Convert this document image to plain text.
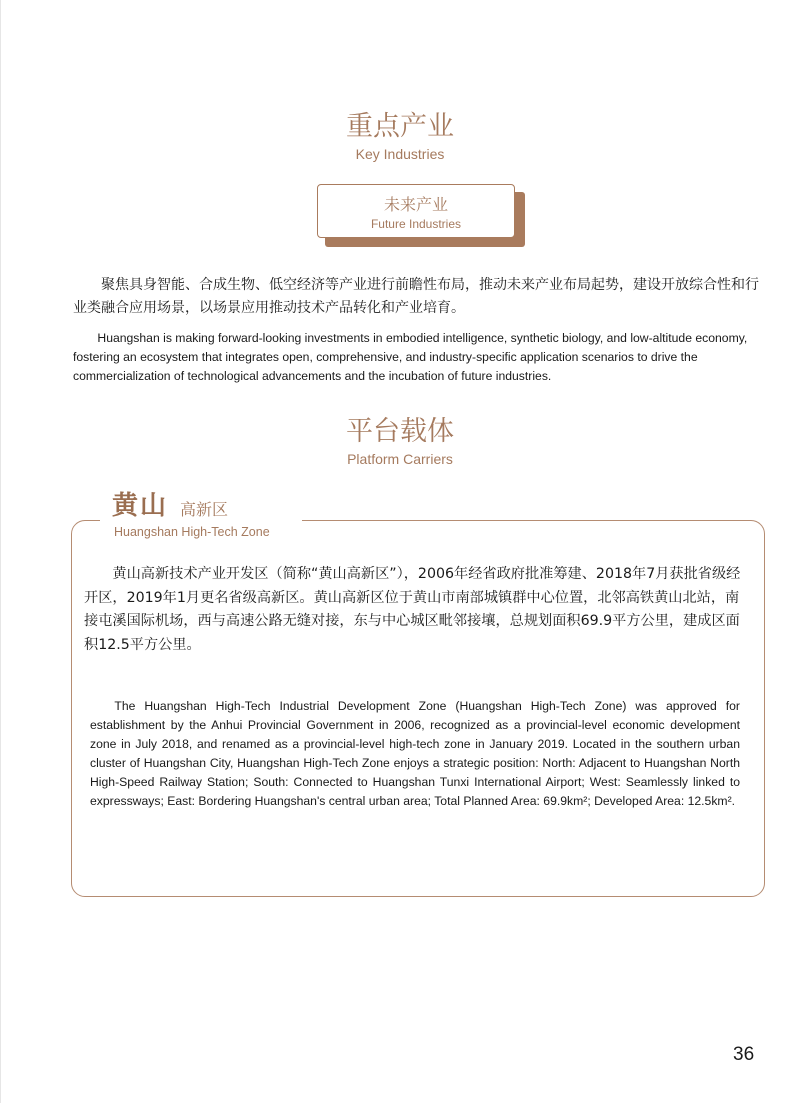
重点产业
Key Industries
未来产业
Future Industries

聚焦具身智能、合成生物、低空经济等产业进行前瞻性布局，推动未来产业布局起势，建设开放综合性和行业类融合应用场景，以场景应用推动技术产品转化和产业培育。

Huangshan is making forward-looking investments in embodied intelligence, synthetic biology, and low-altitude economy, fostering an ecosystem that integrates open, comprehensive, and industry-specific application scenarios to drive the commercialization of technological advancements and the incubation of future industries.

平台载体
Platform Carriers
黄山 高新区
Huangshan High-Tech Zone

黄山高新技术产业开发区（简称“黄山高新区”），2006年经省政府批准筹建、2018年7月获批省级经开区，2019年1月更名省级高新区。黄山高新区位于黄山市南部城镇群中心位置，北邻高铁黄山北站，南接屯溪国际机场，西与高速公路无缝对接，东与中心城区毗邻接壤，总规划面积69.9平方公里，建成区面积12.5平方公里。

The Huangshan High-Tech Industrial Development Zone (Huangshan High-Tech Zone) was approved for establishment by the Anhui Provincial Government in 2006, recognized as a provincial-level economic development zone in July 2018, and renamed as a provincial-level high-tech zone in January 2019. Located in the southern urban cluster of Huangshan City, Huangshan High-Tech Zone enjoys a strategic position: North: Adjacent to Huangshan North High-Speed Railway Station; South: Connected to Huangshan Tunxi International Airport; West: Seamlessly linked to expressways; East: Bordering Huangshan's central urban area; Total Planned Area: 69.9km²; Developed Area: 12.5km².

36
